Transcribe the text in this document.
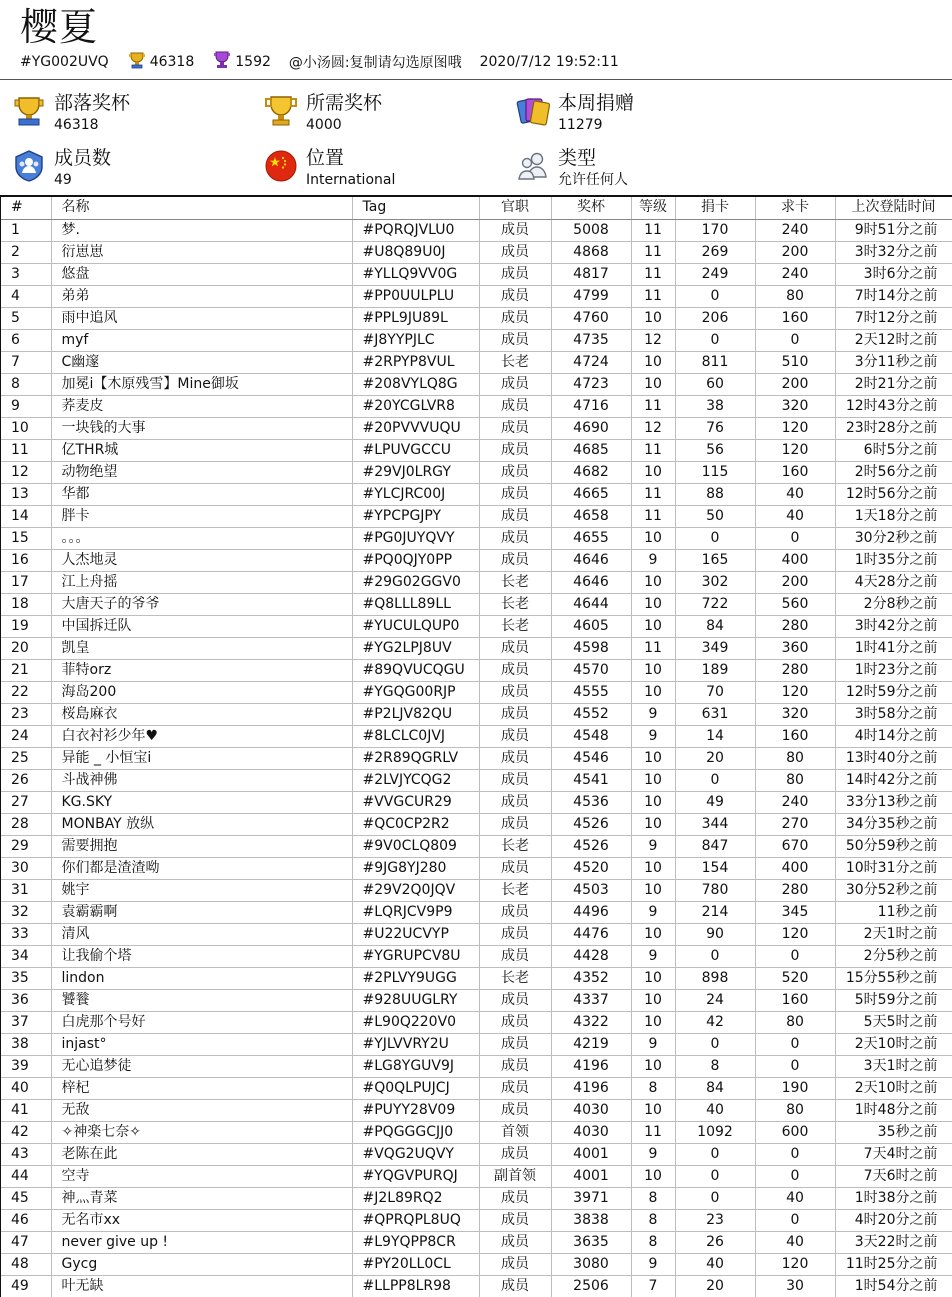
樱夏
#YG002UVQ	46318	1592 @小汤圆:复制请勾选原图哦 2020/7/12 19:52:11
部落奖杯
46318
所需奖杯
4000
本周捐赠
11279
成员数
49
位置
International
类型
允许任何人
#	名称	Tag	官职	奖杯	等级	捐卡	求卡	上次登陆时间
1	梦.	#PQRQJVLU0	成员	5008	11	170	240	9时51分之前
2	衍崽崽	#U8Q89U0J	成员	4868	11	269	200	3时32分之前
3	悠盘	#YLLQ9VV0G	成员	4817	11	249	240	3时6分之前
4	弟弟	#PP0UULPLU	成员	4799	11	0	80	7时14分之前
5	雨中追风	#PPL9JU89L	成员	4760	10	206	160	7时12分之前
6	myf	#J8YYPJLC	成员	4735	12	0	0	2天12时之前
7	C幽邃	#2RPYP8VUL	长老	4724	10	811	510	3分11秒之前
8	加冕i【木原残雪】Mine御坂	#208VYLQ8G	成员	4723	10	60	200	2时21分之前
9	荞麦皮	#20YCGLVR8	成员	4716	11	38	320	12时43分之前
10	一块钱的大事	#20PVVVUQU	成员	4690	12	76	120	23时28分之前
11	亿THR城	#LPUVGCCU	成员	4685	11	56	120	6时5分之前
12	动物绝望	#29VJ0LRGY	成员	4682	10	115	160	2时56分之前
13	华都	#YLCJRC00J	成员	4665	11	88	40	12时56分之前
14	胖卡	#YPCPGJPY	成员	4658	11	50	40	1天18分之前
15	。。。	#PG0JUYQVY	成员	4655	10	0	0	30分2秒之前
16	人杰地灵	#PQ0QJY0PP	成员	4646	9	165	400	1时35分之前
17	江上舟摇	#29G02GGV0	长老	4646	10	302	200	4天28分之前
18	大唐天子的爷爷	#Q8LLL89LL	长老	4644	10	722	560	2分8秒之前
19	中国拆迁队	#YUCULQUP0	长老	4605	10	84	280	3时42分之前
20	凯皇	#YG2LPJ8UV	成员	4598	11	349	360	1时41分之前
21	菲特orz	#89QVUCQGU	成员	4570	10	189	280	1时23分之前
22	海岛200	#YGQG00RJP	成员	4555	10	70	120	12时59分之前
23	桜島麻衣	#P2LJV82QU	成员	4552	9	631	320	3时58分之前
24	白衣衬衫少年♥	#8LCLC0JVJ	成员	4548	9	14	160	4时14分之前
25	异能 _ 小恒宝i	#2R89QGRLV	成员	4546	10	20	80	13时40分之前
26	斗战神佛	#2LVJYCQG2	成员	4541	10	0	80	14时42分之前
27	KG.SKY	#VVGCUR29	成员	4536	10	49	240	33分13秒之前
28	MONBAY 放纵	#QC0CP2R2	成员	4526	10	344	270	34分35秒之前
29	需要拥抱	#9V0CLQ809	长老	4526	9	847	670	50分59秒之前
30	你们都是渣渣呦	#9JG8YJ280	成员	4520	10	154	400	10时31分之前
31	姚宇	#29V2Q0JQV	长老	4503	10	780	280	30分52秒之前
32	袁霸霸啊	#LQRJCV9P9	成员	4496	9	214	345	11秒之前
33	清风	#U22UCVYP	成员	4476	10	90	120	2天1时之前
34	让我偷个塔	#YGRUPCV8U	成员	4428	9	0	0	2分5秒之前
35	lindon	#2PLVY9UGG	长老	4352	10	898	520	15分55秒之前
36	饕餮	#928UUGLRY	成员	4337	10	24	160	5时59分之前
37	白虎那个号好	#L90Q220V0	成员	4322	10	42	80	5天5时之前
38	injast°	#YJLVVRY2U	成员	4219	9	0	0	2天10时之前
39	无心追梦徒	#LG8YGUV9J	成员	4196	10	8	0	3天1时之前
40	梓杞	#Q0QLPUJCJ	成员	4196	8	84	190	2天10时之前
41	无敌	#PUYY28V09	成员	4030	10	40	80	1时48分之前
42	✧神楽七奈✧	#PQGGGCJJ0	首领	4030	11	1092	600	35秒之前
43	老陈在此	#VQG2UQVY	成员	4001	9	0	0	7天4时之前
44	空寺	#YQGVPURQJ	副首领	4001	10	0	0	7天6时之前
45	神灬青菜	#J2L89RQ2	成员	3971	8	0	40	1时38分之前
46	无名市xx	#QPRQPL8UQ	成员	3838	8	23	0	4时20分之前
47	never give up !	#L9YQPP8CR	成员	3635	8	26	40	3天22时之前
48	Gycg	#PY20LL0CL	成员	3080	9	40	120	11时25分之前
49	叶无缺	#LLPP8LR98	成员	2506	7	20	30	1时54分之前
